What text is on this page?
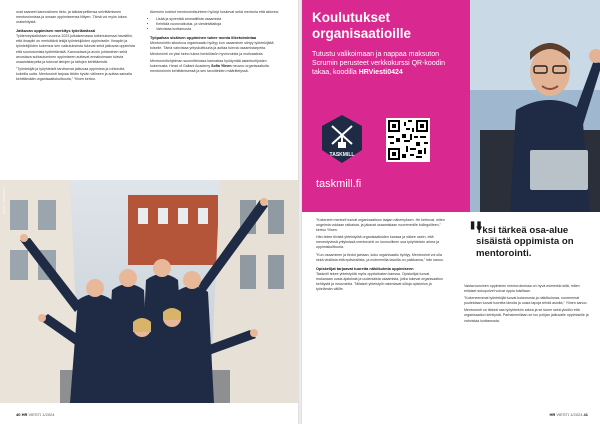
ovat saaneet kannustimen tieto- ja taitotarpeittensa selvittämiseen mentoroinnissa ja omaan oppimiseensa liittyen. Tämä voi myös tukea urakehitystä.

Jatkuvan oppimisen merkitys työelämässä

Työterveyslaitoksen vuonna 2023 julkaisemassa tutkimuksessa havaittiin, että ilmapiiri on merkittävä tekijä työntekijöiden oppimiselle. Ilmapiiri ja työntekijöiden kokemus sen vaikutuksesta tukevat sekä jatkuvaa oppimista että suoriutumista työtehtävistä. Kannustava ja avoin johtaminen sekä arvostava suhtautuminen oppimiseen auttavat ennakoimaan tulevia osaamistarpeita ja tukevat tietojen ja taitojen kehittämistä.

"Työntekijät ja työyhteisöt tarvitsevat jatkuvaa oppimista ja rohkeutta kokeilla uutta. Mentorointi tarjoaa tähän hyvän välineen ja auttaa samalla kehittämään organisaatiokulttuuria," Ylinen kertoo.

Aiemmin todetut mentorointisuhteen hyödyt koskevat sekä mentoria että aktorea:

• Lisää ja syventää ammatillista osaamista
• Kehittää vuorovaikutus- ja viestintätaitoja
• Vahvistaa luottamusta
Työpaikan sisäinen oppiminen tukee monia liiketoimintaa

Mentorointiin sitoutuva organisaatio hyötyy kun osaaminen siirtyy työntekijältä toiselle. Tämä vahvistaa yrityskulttuuria ja auttaa tulevia osaamistarpeita. Mentorointi on yksi keino tukea henkilöstön hyvinvointia ja motivaatiota.

Mentorointiohjelman suunnittelussa kannattaa hyödyntää asiantuntijoiden kokemusta. Head of Gallant Academy Sofia Ylinen neuvoo organisaatioita mentoroinnin kehittämisessä ja sen tavoitteiden määrittelyssä.

KUVA: TASKMILL
40 HR VIESTI 1/2024
Koulutukset organisaatioille
Tutustu valikoimaan ja nappaa maksuton Scrumin perusteet verkkokurssi QR-koodin takaa, koodilla HRViesti0424
TASKMILL
taskmill.fi

"Kokeneet mentorit tuovat organisaatioon laajan näkemyksen. He kertovat, miten ongelmia voidaan ratkaista, ja jakavat osaamistaan nuoremmille kollegoilleen," kertoo Ylinen.

Hän tekee tiivistä yhteistyötä organisaatioiden kanssa ja näkee usein, että menestyvissä yrityksissä mentorointi on luonnollinen osa työyhteisön arkea ja oppimiskulttuuria.

"Kun osaaminen ja tiedot jaetaan, koko organisaatio hyötyy. Mentorointi voi olla sekä virallista että epävirallista, ja molemmilla tavoilla on paikkansa," hän sanoo.

Opiskelijat tarjoavat tuoreita näkökulmia oppimiseen

Taskmill tekee yhteistyötä myös oppilaitosten kanssa. Opiskelijat tuovat mukanaan uusia ajatuksia ja uudenlaista osaamista, jotka tukevat organisaation kehitystä ja innovointia. Tällaiset yhteistyöt rakentavat siltoja opiskelun ja työelämän välille.

"
Yksi tärkeä osa-alue sisäistä oppimista on mentorointi.

Vastavuoroinen oppiminen mentoroinnissa on hyvä esimerkki siitä, miten erilaiset sukupolvet voivat oppia toisiltaan.

"Kokeneemmat työntekijät tuovat kokemusta ja näkökulmaa, nuoremmat puolestaan tuovat tuoreita ideoita ja uusia tapoja tehdä asioita," Ylinen sanoo.

Mentorointi on tärkeä osa työyhteisön arkea ja se tukee sekä yksilön että organisaation kehitystä. Parhaimmillaan se luo pohjan jatkuvalle oppimiselle ja vahvistaa luottamusta.

HR VIESTI 1/2024 41
